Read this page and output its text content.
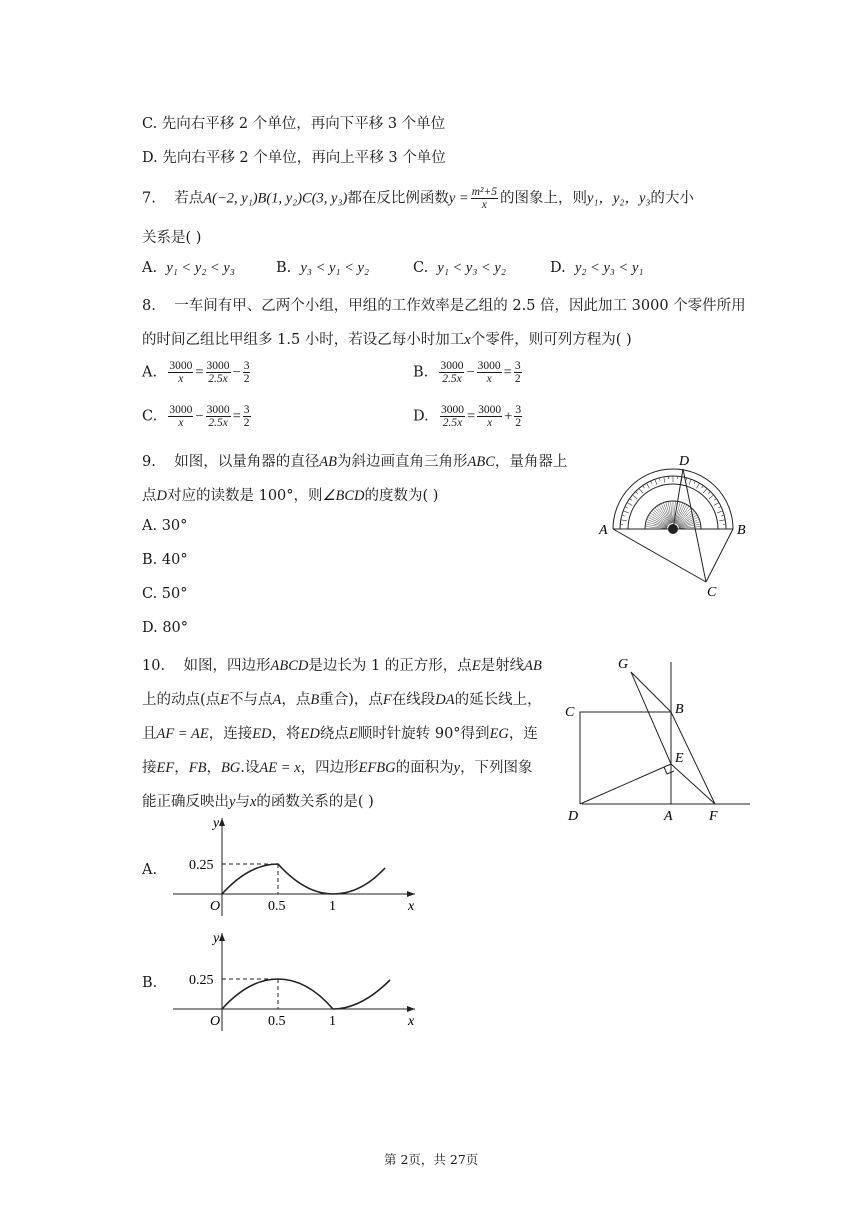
C. 先向右平移 2 个单位，再向下平移 3 个单位
D. 先向右平移 2 个单位，再向上平移 3 个单位
7. 若点A(−2, y₁)B(1, y₂)C(3, y₃)都在反比例函数$y = \frac{\text{m²+5}}{x}$ 的图象上，则y₁，y₂，y₃的大小
关系是( )
A. y₁ < y₂ < y₃	B. y₃ < y₁ < y₂	C. y₁ < y₃ < y₂	D. y₂ < y₃ < y₁
8. 一车间有甲、乙两个小组，甲组的工作效率是乙组的 2.5 倍，因此加工 3000 个零件所用
的时间乙组比甲组多 1.5 小时，若设乙每小时加工x个零件，则可列方程为( )
A. $\frac{3000}{x} = \frac{3000}{2.5x} - \frac{3}{2}$	B. $\frac{3000}{2.5x} - \frac{3000}{x} = \frac{3}{2}$
C. $\frac{3000}{x} - \frac{3000}{2.5x} = \frac{3}{2}$	D. $\frac{3000}{2.5x} = \frac{3000}{x} + \frac{3}{2}$
9. 如图，以量角器的直径AB为斜边画直角三角形ABC，量角器上
点D对应的读数是 100°，则∠BCD的度数为( )
A. 30°
B. 40°
C. 50°
D. 80°
A	B
C
D
10. 如图，四边形ABCD是边长为 1 的正方形，点E是射线AB
上的动点(点E不与点A，点B重合)，点F在线段DA的延长线上，
且AF = AE，连接ED，将ED绕点E顺时针旋转 90°得到EG，连
接EF，FB，BG.设AE = x，四边形EFBG的面积为y，下列图象
能正确反映出y与x的函数关系的是( )
G
B
C
E
D	A	F
A.
y
x
O
0.25
0.5	1
B.
y
x
O
0.25
0.5	1
第 2页，共 27页
